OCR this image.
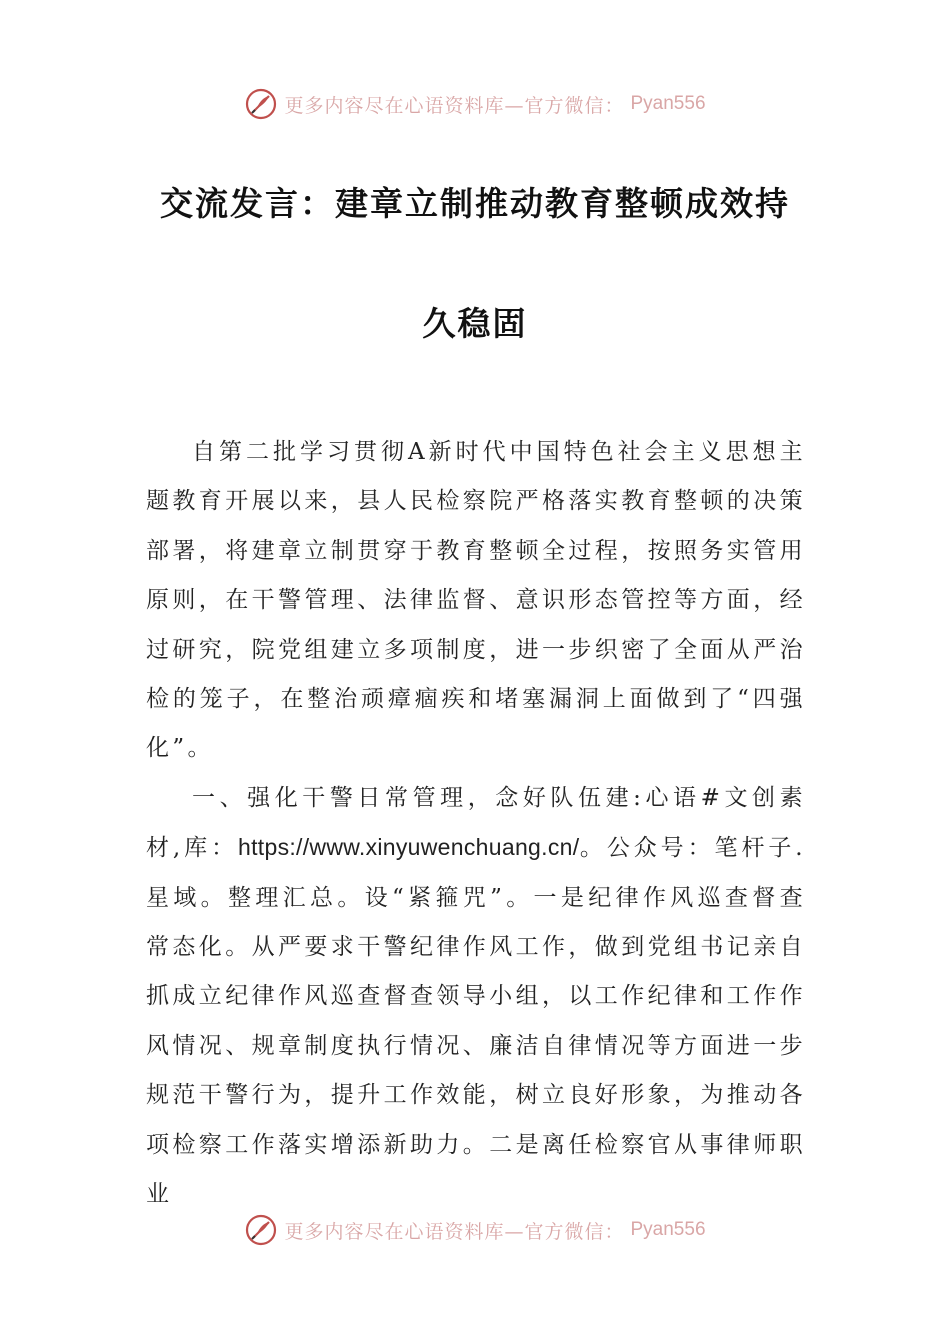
更多内容尽在心语资料库—官方微信： Pyan556
交流发言：建章立制推动教育整顿成效持
久稳固

自第二批学习贯彻A新时代中国特色社会主义思想主题教育开展以来，县人民检察院严格落实教育整顿的决策部署，将建章立制贯穿于教育整顿全过程，按照务实管用原则，在干警管理、法律监督、意识形态管控等方面，经过研究，院党组建立多项制度，进一步织密了全面从严治检的笼子，在整治顽瘴痼疾和堵塞漏洞上面做到了“四强化”。

一、强化干警日常管理，念好队伍建:心语#文创素材,库：https://www.xinyuwenchuang.cn/。公众号：笔杆子.星域。整理汇总。设“紧箍咒”。一是纪律作风巡查督查常态化。从严要求干警纪律作风工作，做到党组书记亲自抓成立纪律作风巡查督查领导小组，以工作纪律和工作作风情况、规章制度执行情况、廉洁自律情况等方面进一步规范干警行为，提升工作效能，树立良好形象，为推动各项检察工作落实增添新助力。二是离任检察官从事律师职业

更多内容尽在心语资料库—官方微信： Pyan556
